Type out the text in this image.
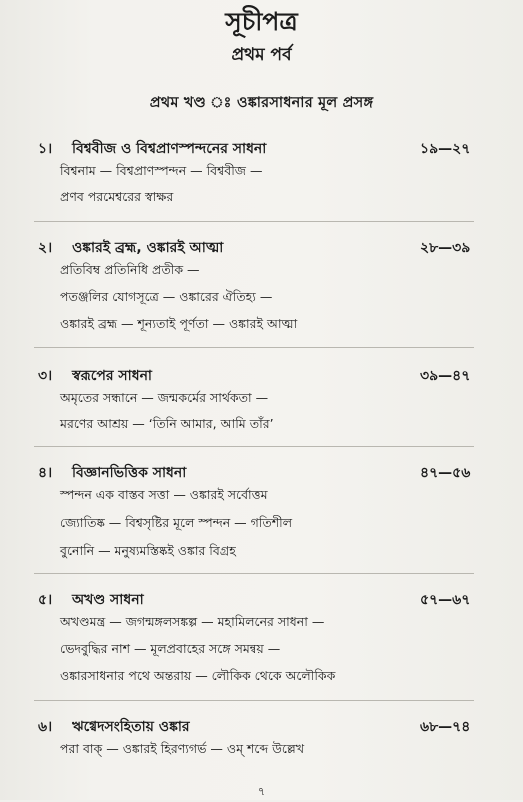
সূচীপত্র
প্রথম পর্ব
প্রথম খণ্ড ঃ ওঙ্কারসাধনার মূল প্রসঙ্গ
১। বিশ্ববীজ ও বিশ্বপ্রাণস্পন্দনের সাধনা	১৯—২৭
বিশ্বনাম — বিশ্বপ্রাণস্পন্দন — বিশ্ববীজ —
প্রণব পরমেশ্বরের স্বাক্ষর
২। ওঙ্কারই ব্রহ্ম, ওঙ্কারই আত্মা	২৮—৩৯
প্রতিবিম্ব প্রতিনিধি প্রতীক —
পতঞ্জলির যোগসূত্রে — ওঙ্কারের ঐতিহ্য —
ওঙ্কারই ব্রহ্ম — শূন্যতাই পূর্ণতা — ওঙ্কারই আত্মা
৩। স্বরূপের সাধনা	৩৯—৪৭
অমৃতের সন্ধানে — জন্মকর্মের সার্থকতা —
মরণের আশ্রয় — ‘তিনি আমার, আমি তাঁর’
৪। বিজ্ঞানভিত্তিক সাধনা	৪৭—৫৬
স্পন্দন এক বাস্তব সত্তা — ওঙ্কারই সর্বোত্তম
জ্যোতিষ্ক — বিশ্বসৃষ্টির মূলে স্পন্দন — গতিশীল
বুনোনি — মনুষ্যমস্তিষ্কই ওঙ্কার বিগ্রহ
৫। অখণ্ড সাধনা	৫৭—৬৭
অখণ্ডমন্ত্র — জগন্মঙ্গলসঙ্কল্প — মহামিলনের সাধনা —
ভেদবুদ্ধির নাশ — মূলপ্রবাহের সঙ্গে সমন্বয় —
ওঙ্কারসাধনার পথে অন্তরায় — লৌকিক থেকে অলৌকিক
৬। ঋগ্বেদসংহিতায় ওঙ্কার	৬৮—৭৪
পরা বাক্ — ওঙ্কারই হিরণ্যগর্ভ — ওম্ শব্দে উল্লেখ
৭
